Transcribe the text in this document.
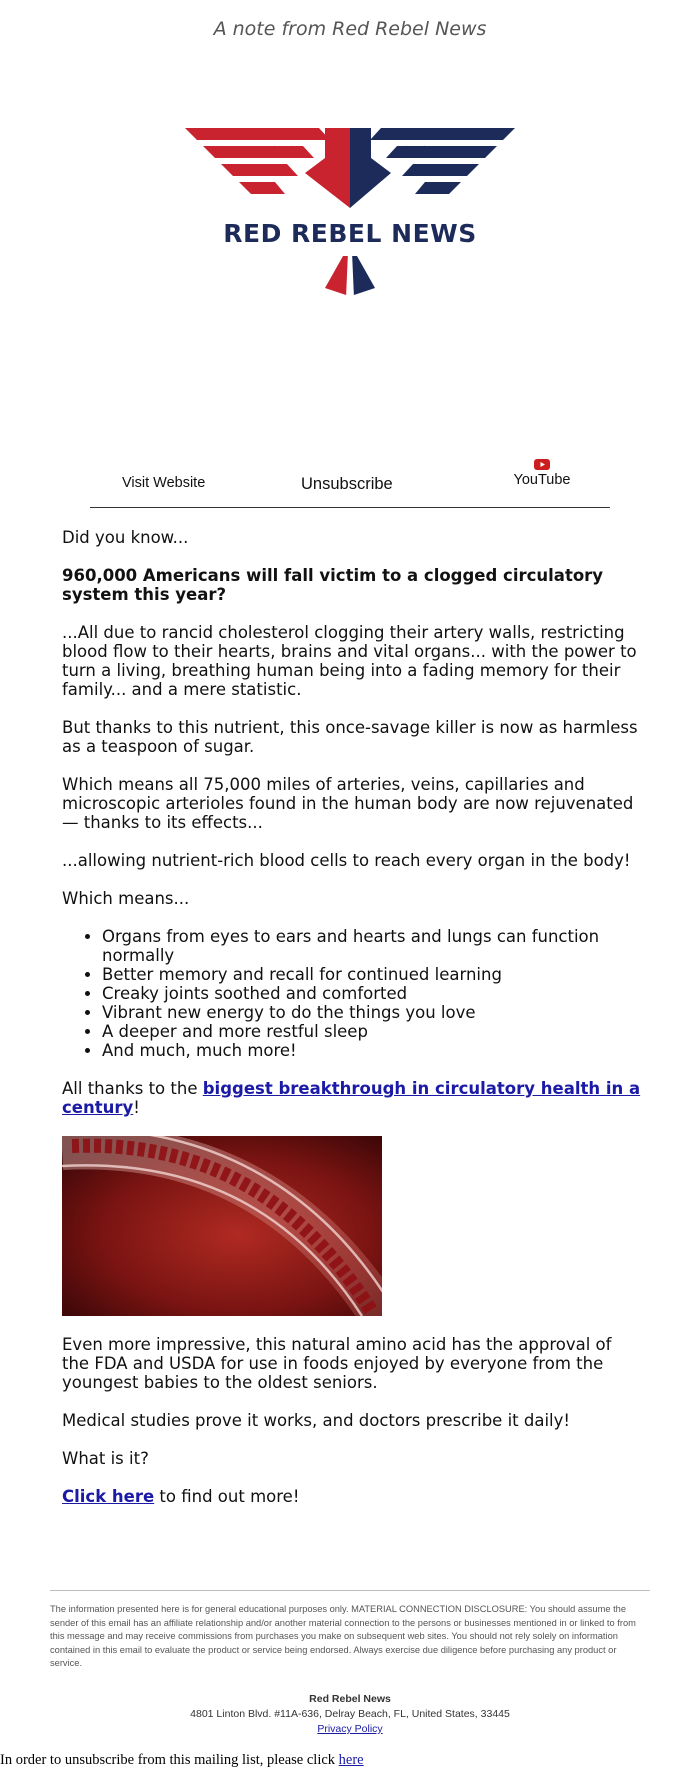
A note from Red Rebel News
★ ★	★ ★
RED REBEL NEWS
Visit Website	Unsubscribe	YouTube

Did you know...

960,000 Americans will fall victim to a clogged circulatory system this year?

...All due to rancid cholesterol clogging their artery walls, restricting blood flow to their hearts, brains and vital organs... with the power to turn a living, breathing human being into a fading memory for their family... and a mere statistic.

But thanks to this nutrient, this once-savage killer is now as harmless as a teaspoon of sugar.

Which means all 75,000 miles of arteries, veins, capillaries and microscopic arterioles found in the human body are now rejuvenated — thanks to its effects...

...allowing nutrient-rich blood cells to reach every organ in the body!

Which means...

• Organs from eyes to ears and hearts and lungs can function normally
• Better memory and recall for continued learning
• Creaky joints soothed and comforted
• Vibrant new energy to do the things you love
• A deeper and more restful sleep
• And much, much more!

All thanks to the biggest breakthrough in circulatory health in a century!

Even more impressive, this natural amino acid has the approval of the FDA and USDA for use in foods enjoyed by everyone from the youngest babies to the oldest seniors.

Medical studies prove it works, and doctors prescribe it daily!

What is it?

Click here to find out more!

The information presented here is for general educational purposes only. MATERIAL CONNECTION DISCLOSURE: You should assume the sender of this email has an affiliate relationship and/or another material connection to the persons or businesses mentioned in or linked to from this message and may receive commissions from purchases you make on subsequent web sites. You should not rely solely on information contained in this email to evaluate the product or service being endorsed. Always exercise due diligence before purchasing any product or service.
Red Rebel News
4801 Linton Blvd. #11A-636, Delray Beach, FL, United States, 33445
Privacy Policy
In order to unsubscribe from this mailing list, please click here
